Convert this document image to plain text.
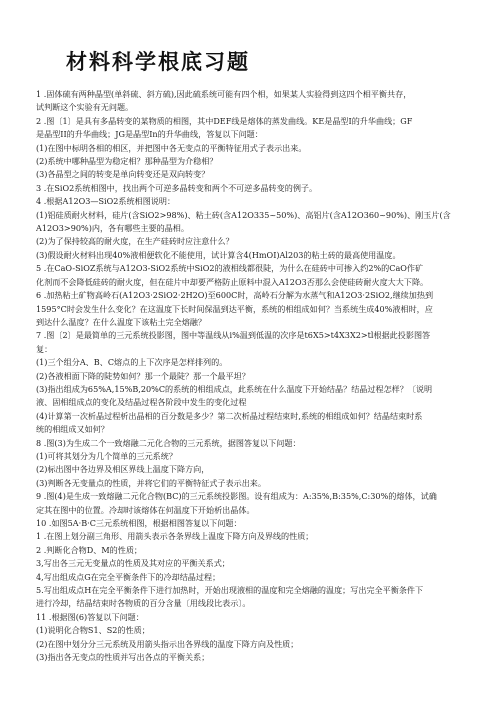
材料科学根底习题
1 .固体硫有两种晶型(单斜硫、斜方硫),因此硫系统可能有四个相，如果某人实验得到这四个相平衡共存，
试判断这个实验有无问题。
2 .图〔1〕是具有多晶转变的某物质的相图，其中DEF线是熔体的蒸发曲线。KE是晶型I的升华曲线；GF
是晶型II的升华曲线；JG是晶型In的升华曲线，答复以下问题：
(1)在图中标明各相的相区，并把图中各无变点的平衡特征用式子表示出来。
(2)系统中哪种晶型为稳定相？那种晶型为介稳相？
(3)各晶型之间的转变是单向转变还是双向转变？
3 .在SiO2系统相图中，找出两个可逆多晶转变和两个不可逆多晶转变的例子。
4 .根据A12O3—SiO2系统相图说明：
(1)铝硅质耐火材料，硅片(含SiO2>98%)、粘土砖(含A12O335~50%)、高铝片(含A12O360~90%)、刚玉片(含
A12O3>90%)内，各有哪些主要的晶相。
(2)为了保持较高的耐火度，在生产硅砖时应注意什么？
(3)假设耐火材料出现40%液相便软化不能使用，试计算含4(HmOI)Al203的粘土砖的最高使用温度。
5 .在CaO-SiOZ系统与A12O3-SiO2系统中SiO2的液相线都很陡，为什么在硅砖中可掺入约2%的CaO作矿
化剂而不会降低硅砖的耐火度，但在硅片中却要严格防止原料中混入A12O3否那么会使硅砖耐火度大大下降。
6 .加热粘土矿物高岭石(A12O3·2SiO2·2H2O)至600C时，高岭石分解为水蒸气和A12O3·2SiO2,继续加热到
1595°C时会发生什么变化？在这温度下长时间保温到达平衡，系统的相组成如何？当系统生成40%液相时，应
到达什么温度？在什么温度下该粘土完全熔融？
7 .图〔2〕是最简单的三元系统投影图，图中等温线从i%温到低温的次序是t6X5>t4X3X2>tl根据此投影图答
复：
(1)三个组分A、B、C熔点的上下次序是怎样排列的。
(2)各液相面下降的陡势如何？那一个最陡？那一个最平坦？
(3)指出组成为65%A,15%B,20%C的系统的相组成点，此系统在什么温度下开始结晶？结晶过程怎样？〔说明
液、固相组成点的变化及结晶过程各阶段中发生的变化过程
(4)计算第一次析晶过程析出晶相的百分数是多少？第二次析晶过程结束时,系统的相组成如何？结晶结束时系
统的相组成又如何？
8 .图(3)为生成二个一致熔融二元化合物的三元系统，据图答复以下问题：
(1)可将其划分为几个简单的三元系统？
(2)标出图中各边界及相区界线上温度下降方向，
(3)判断各无变量点的性质，并将它们的平衡特征式子表示出来。
9 .图(4)是生成一致熔融二元化合物(BC)的三元系统投影图。设有组成为：A:35%,B:35%,C:30%的熔体，试确
定其在图中的位置。冷却时该熔体在何温度下开始析出晶体。
10 .如图5A·B·C三元系统相图，根据相图答复以下问题：
1 .在图上划分副三角形、用箭头表示各条界线上温度下降方向及界线的性质；
2 .判断化合物D、M的性质；
3,写出各三元无变量点的性质及其对应的平衡关系式；
4,写出组成点G在完全平衡条件下的冷却结晶过程；
5.写出组成点H在完全平衡条件下进行加热时，开始出现液相的温度和完全熔融的温度；写出完全平衡条件下
进行冷却，结晶结束时各物质的百分含量〔用线段比表示〕。
11 .根据图(6)答复以下问题：
(1)说明化合物S1、S2的性质；
(2)在图中划分分三元系统及用箭头指示出各界线的温度下降方向及性质；
(3)指出各无变点的性质并写出各点的平衡关系；
